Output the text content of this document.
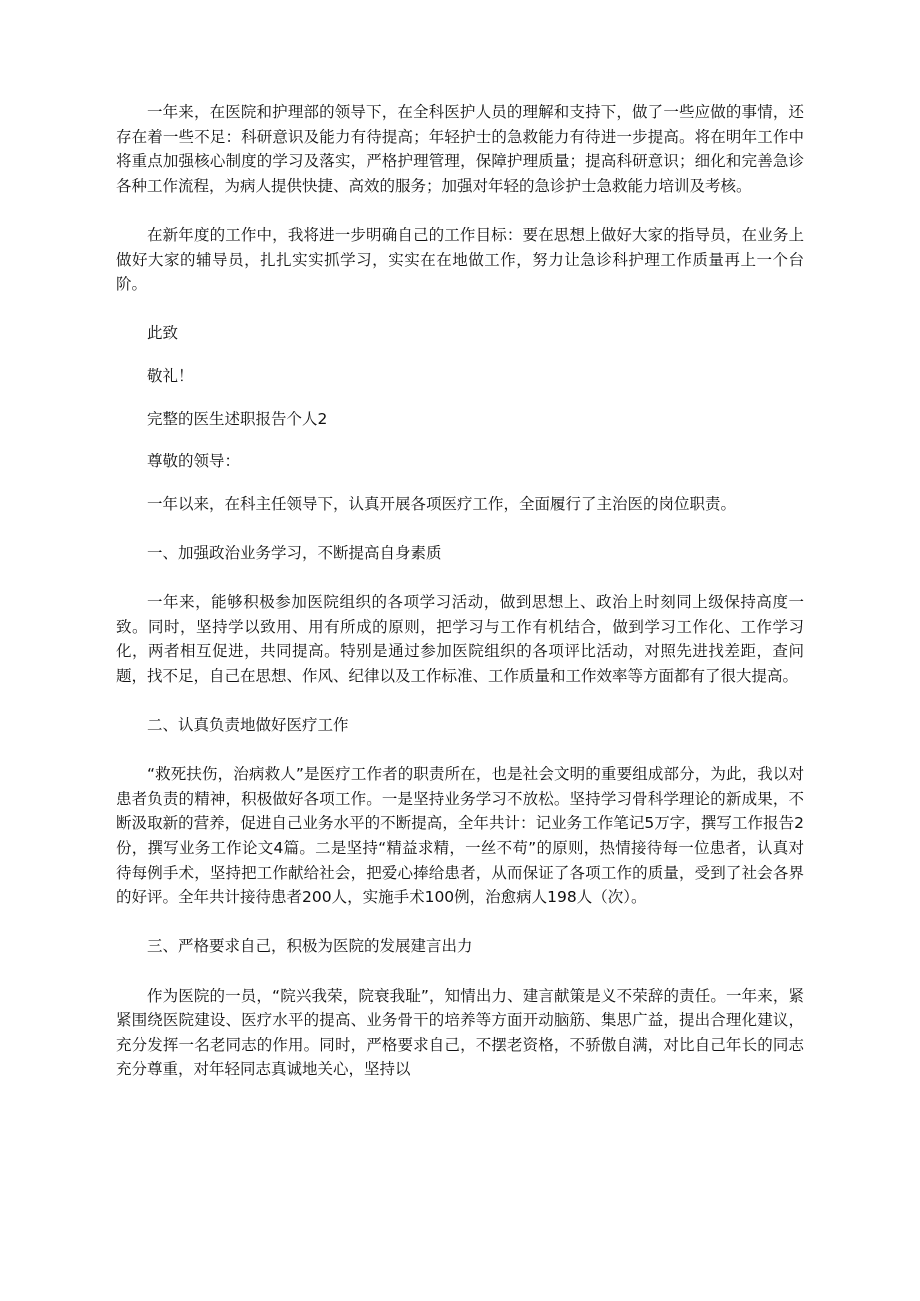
一年来，在医院和护理部的领导下，在全科医护人员的理解和支持下，做了一些应做的事情，还存在着一些不足：科研意识及能力有待提高；年轻护士的急救能力有待进一步提高。将在明年工作中将重点加强核心制度的学习及落实，严格护理管理，保障护理质量；提高科研意识；细化和完善急诊各种工作流程，为病人提供快捷、高效的服务；加强对年轻的急诊护士急救能力培训及考核。

在新年度的工作中，我将进一步明确自己的工作目标：要在思想上做好大家的指导员，在业务上做好大家的辅导员，扎扎实实抓学习，实实在在地做工作，努力让急诊科护理工作质量再上一个台阶。

此致

敬礼！

完整的医生述职报告个人2

尊敬的领导：

一年以来，在科主任领导下，认真开展各项医疗工作，全面履行了主治医的岗位职责。

一、加强政治业务学习，不断提高自身素质

一年来，能够积极参加医院组织的各项学习活动，做到思想上、政治上时刻同上级保持高度一致。同时，坚持学以致用、用有所成的原则，把学习与工作有机结合，做到学习工作化、工作学习化，两者相互促进，共同提高。特别是通过参加医院组织的各项评比活动，对照先进找差距，查问题，找不足，自己在思想、作风、纪律以及工作标准、工作质量和工作效率等方面都有了很大提高。

二、认真负责地做好医疗工作

“救死扶伤，治病救人”是医疗工作者的职责所在，也是社会文明的重要组成部分，为此，我以对患者负责的精神，积极做好各项工作。一是坚持业务学习不放松。坚持学习骨科学理论的新成果，不断汲取新的营养，促进自己业务水平的不断提高，全年共计：记业务工作笔记5万字，撰写工作报告2份，撰写业务工作论文4篇。二是坚持“精益求精，一丝不苟”的原则，热情接待每一位患者，认真对待每例手术，坚持把工作献给社会，把爱心捧给患者，从而保证了各项工作的质量，受到了社会各界的好评。全年共计接待患者200人，实施手术100例，治愈病人198人（次）。

三、严格要求自己，积极为医院的发展建言出力

作为医院的一员，“院兴我荣，院衰我耻”，知情出力、建言献策是义不荣辞的责任。一年来，紧紧围绕医院建设、医疗水平的提高、业务骨干的培养等方面开动脑筋、集思广益，提出合理化建议，充分发挥一名老同志的作用。同时，严格要求自己，不摆老资格，不骄傲自满，对比自己年长的同志充分尊重，对年轻同志真诚地关心，坚持以
